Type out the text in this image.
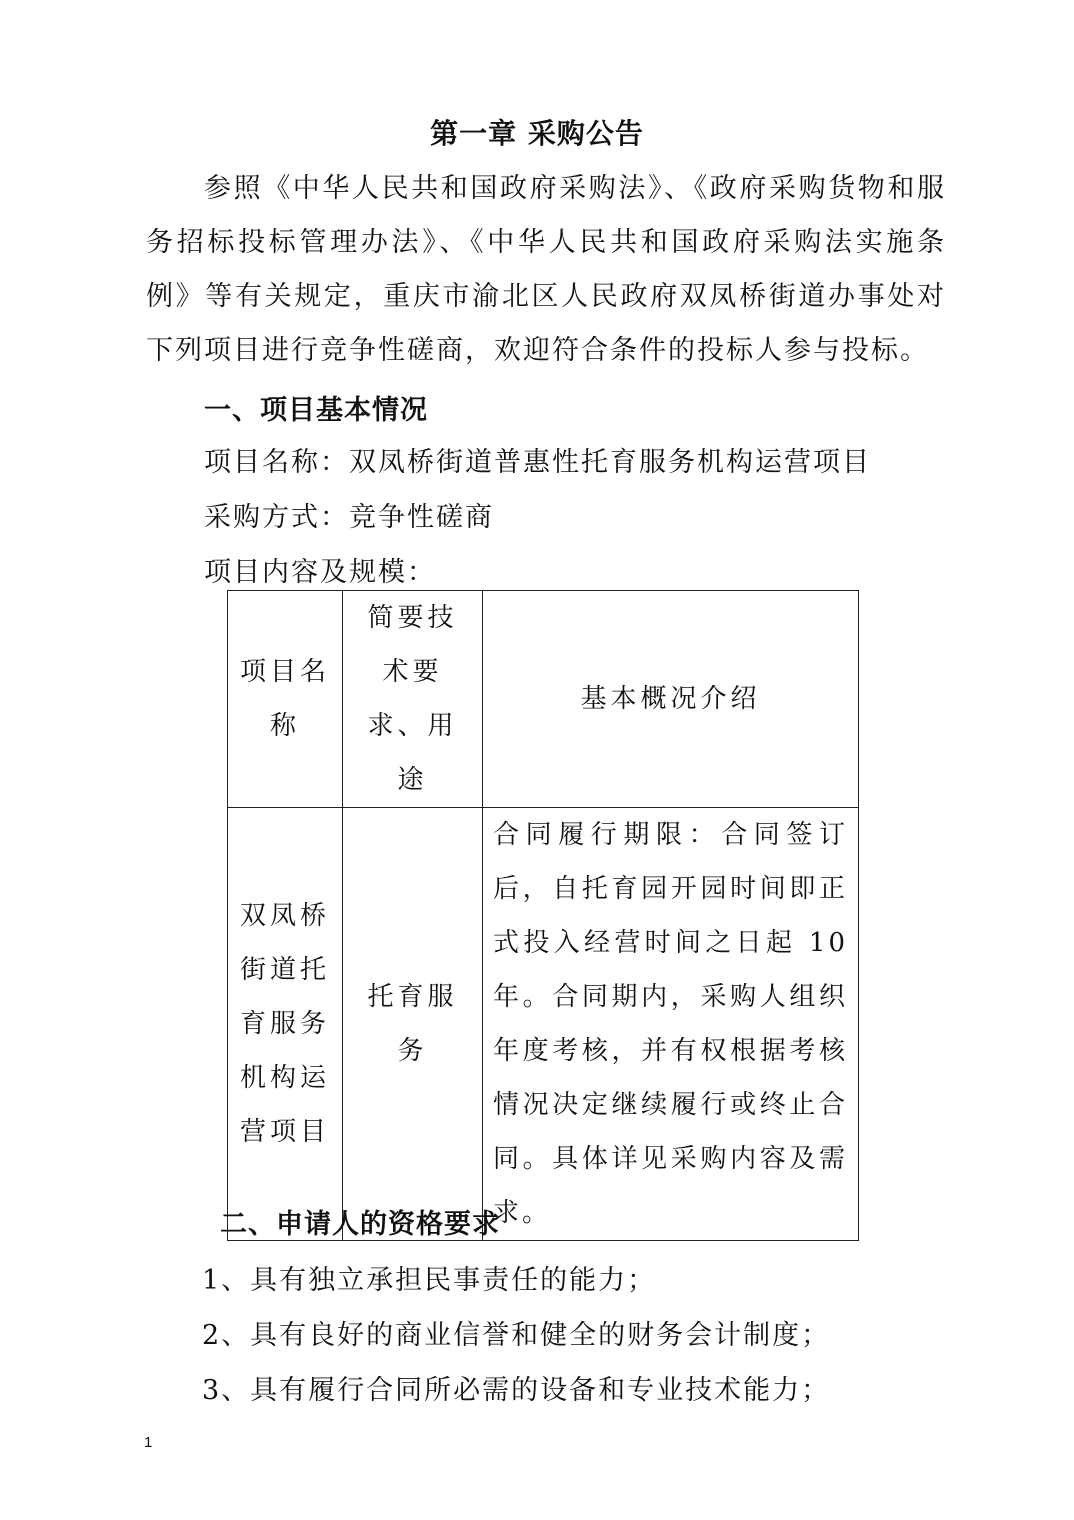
第一章 采购公告

参照《中华人民共和国政府采购法》、《政府采购货物和服务招标投标管理办法》、《中华人民共和国政府采购法实施条例》等有关规定，重庆市渝北区人民政府双凤桥街道办事处对下列项目进行竞争性磋商，欢迎符合条件的投标人参与投标。

一、项目基本情况
项目名称：双凤桥街道普惠性托育服务机构运营项目
采购方式：竞争性磋商
项目内容及规模：
项目名称	简要技术要求、用途	基本概况介绍
双凤桥街道托育服务机构运营项目	托育服务	合同履行期限：合同签订后，自托育园开园时间即正式投入经营时间之日起 10 年。合同期内，采购人组织年度考核，并有权根据考核情况决定继续履行或终止合同。具体详见采购内容及需求。
二、申请人的资格要求
1、具有独立承担民事责任的能力；
2、具有良好的商业信誉和健全的财务会计制度；
3、具有履行合同所必需的设备和专业技术能力；
1
